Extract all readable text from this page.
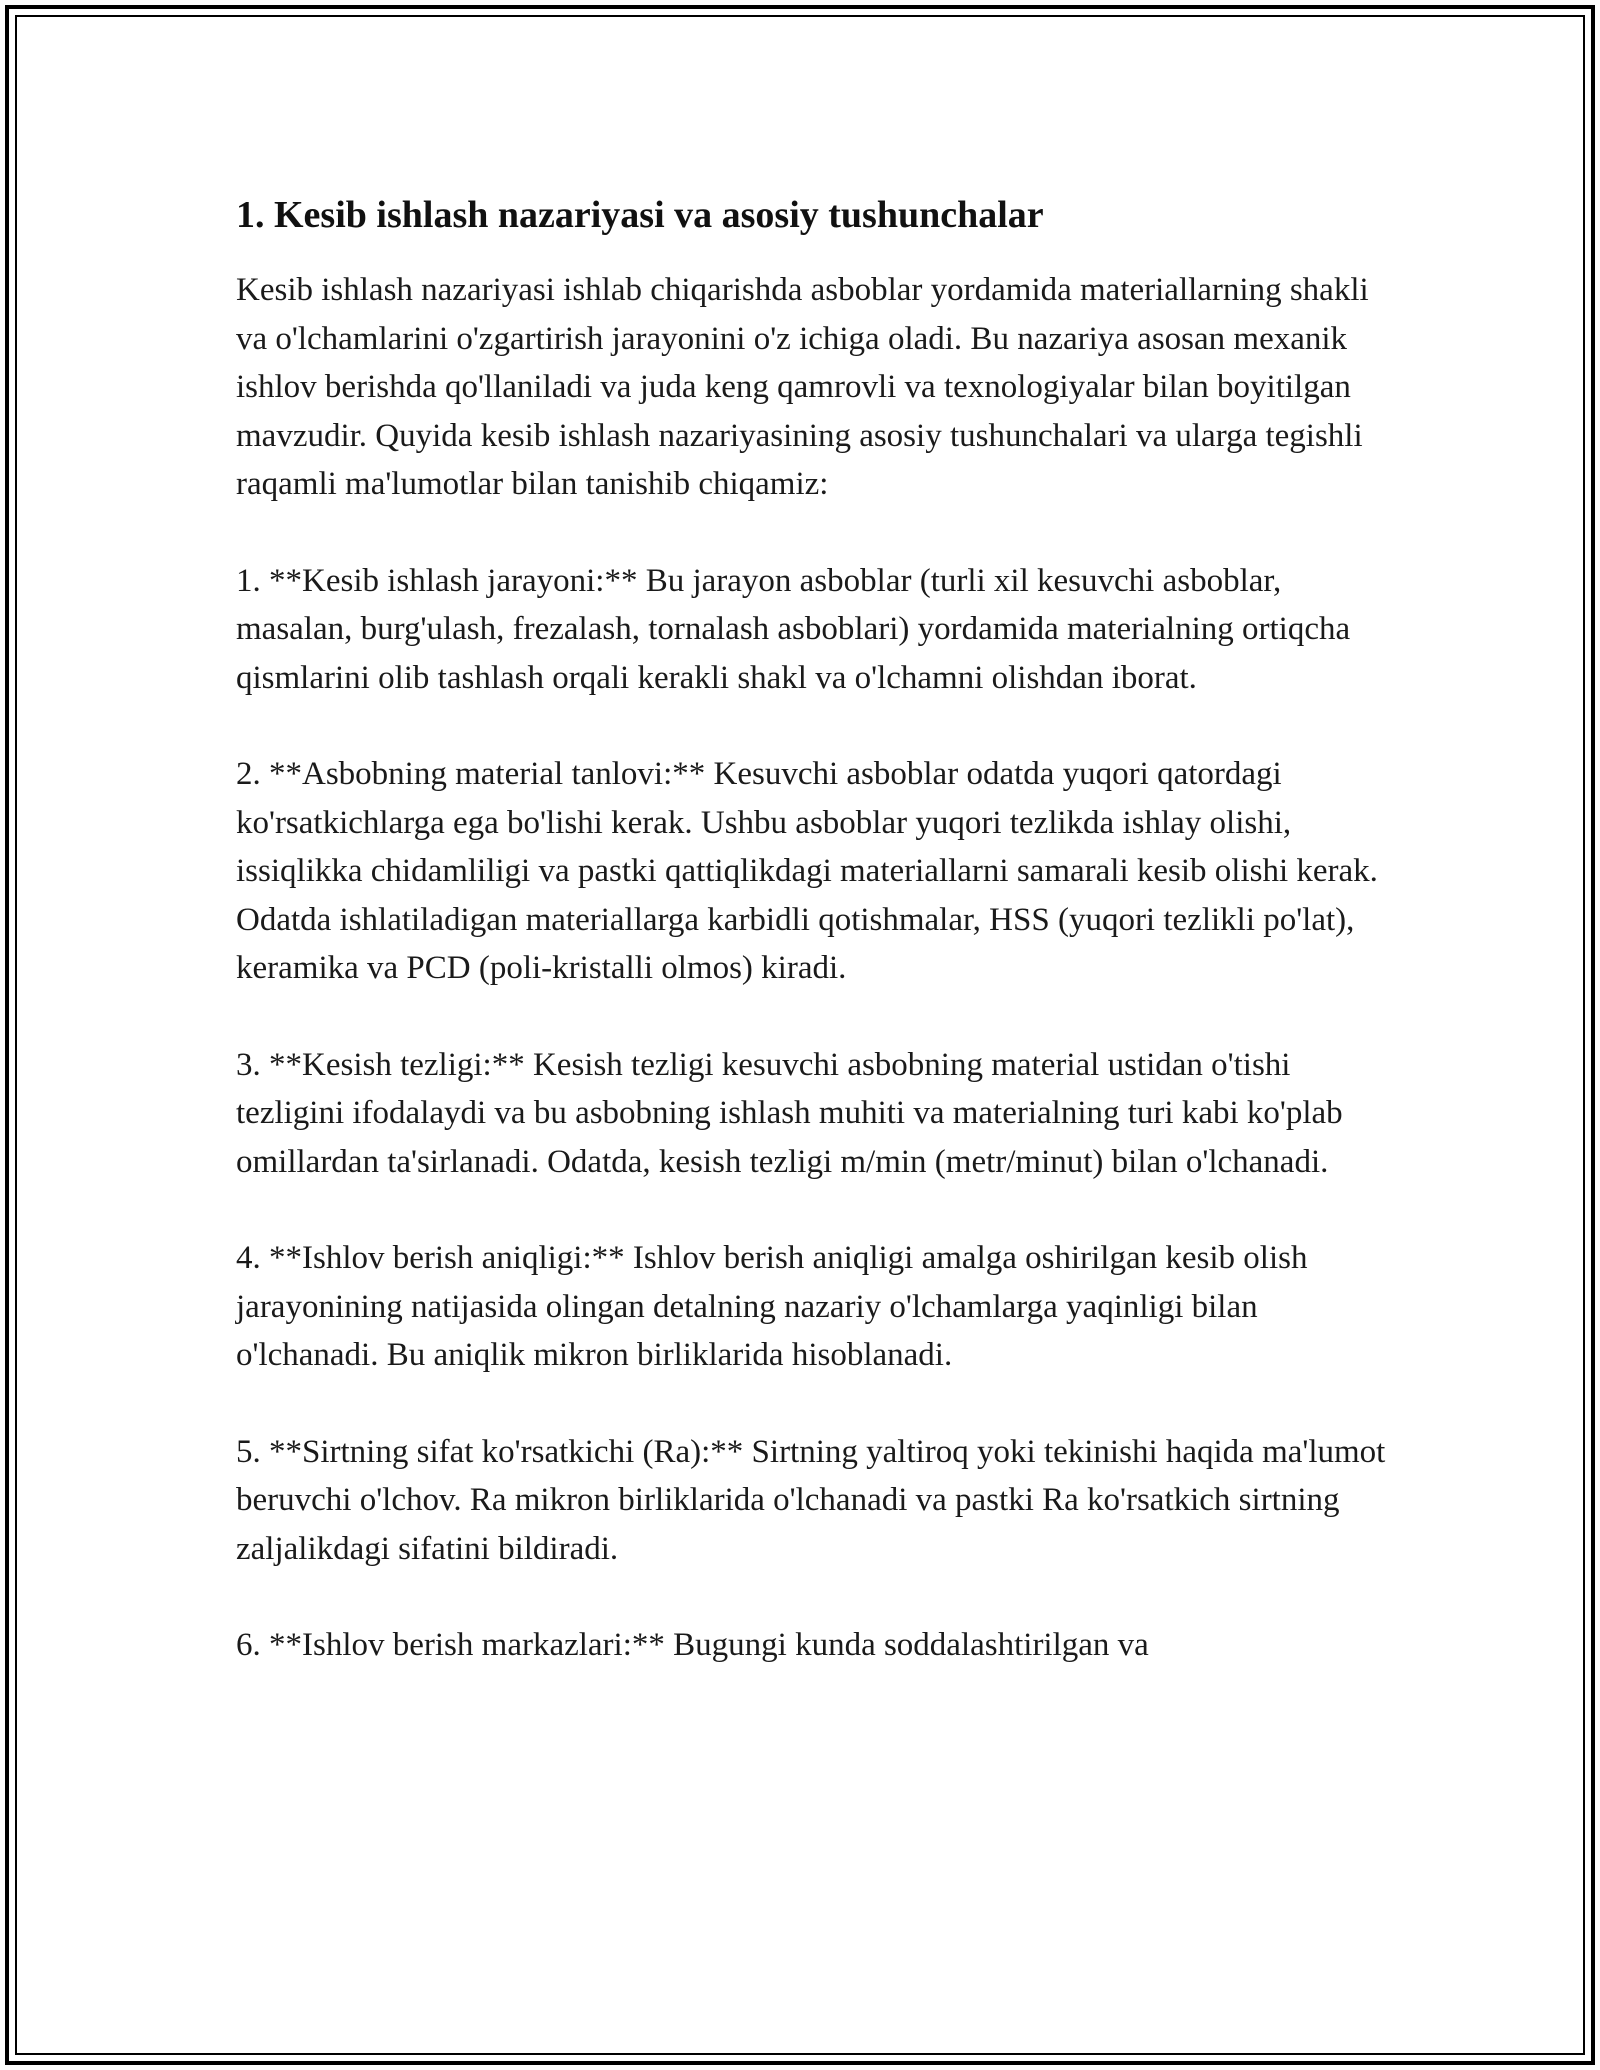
1. Kesib ishlash nazariyasi va asosiy tushunchalar

Kesib ishlash nazariyasi ishlab chiqarishda asboblar yordamida materiallarning shakli va o'lchamlarini o'zgartirish jarayonini o'z ichiga oladi. Bu nazariya asosan mexanik ishlov berishda qo'llaniladi va juda keng qamrovli va texnologiyalar bilan boyitilgan mavzudir. Quyida kesib ishlash nazariyasining asosiy tushunchalari va ularga tegishli raqamli ma'lumotlar bilan tanishib chiqamiz:

1. **Kesib ishlash jarayoni:** Bu jarayon asboblar (turli xil kesuvchi asboblar, masalan, burg'ulash, frezalash, tornalash asboblari) yordamida materialning ortiqcha qismlarini olib tashlash orqali kerakli shakl va o'lchamni olishdan iborat.

2. **Asbobning material tanlovi:** Kesuvchi asboblar odatda yuqori qatordagi ko'rsatkichlarga ega bo'lishi kerak. Ushbu asboblar yuqori tezlikda ishlay olishi, issiqlikka chidamliligi va pastki qattiqlikdagi materiallarni samarali kesib olishi kerak. Odatda ishlatiladigan materiallarga karbidli qotishmalar, HSS (yuqori tezlikli po'lat), keramika va PCD (poli-kristalli olmos) kiradi.

3. **Kesish tezligi:** Kesish tezligi kesuvchi asbobning material ustidan o'tishi tezligini ifodalaydi va bu asbobning ishlash muhiti va materialning turi kabi ko'plab omillardan ta'sirlanadi. Odatda, kesish tezligi m/min (metr/minut) bilan o'lchanadi.

4. **Ishlov berish aniqligi:** Ishlov berish aniqligi amalga oshirilgan kesib olish jarayonining natijasida olingan detalning nazariy o'lchamlarga yaqinligi bilan o'lchanadi. Bu aniqlik mikron birliklarida hisoblanadi.

5. **Sirtning sifat ko'rsatkichi (Ra):** Sirtning yaltiroq yoki tekinishi haqida ma'lumot beruvchi o'lchov. Ra mikron birliklarida o'lchanadi va pastki Ra ko'rsatkich sirtning zaljalikdagi sifatini bildiradi.

6. **Ishlov berish markazlari:** Bugungi kunda soddalashtirilgan va
